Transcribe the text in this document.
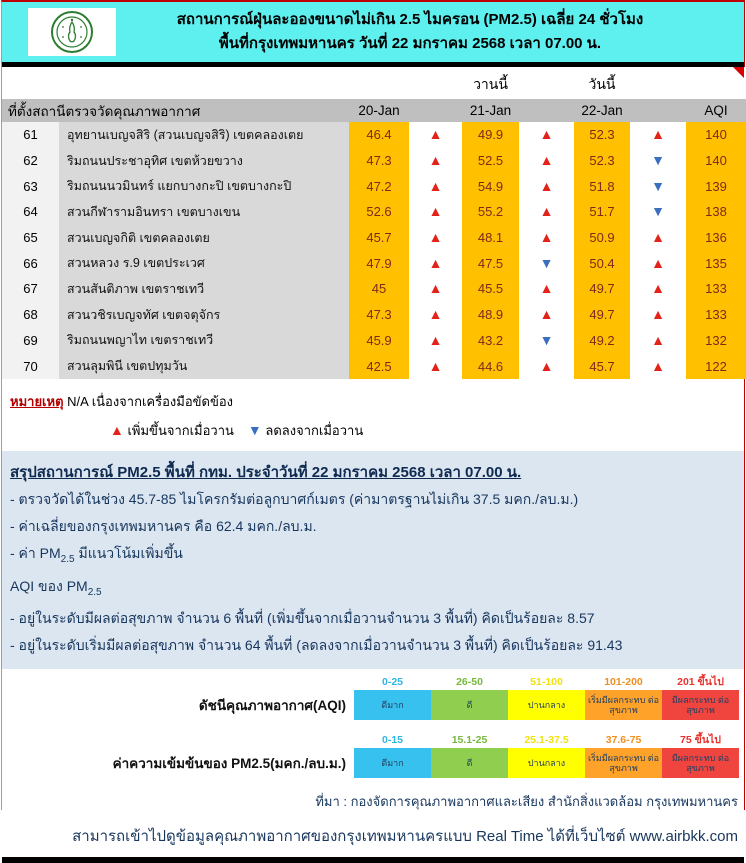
สถานการณ์ฝุ่นละอองขนาดไม่เกิน 2.5 ไมครอน (PM2.5) เฉลี่ย 24 ชั่วโมง
พื้นที่กรุงเทพมหานคร วันที่ 22 มกราคม 2568 เวลา 07.00 น.
				วานนี้		วันนี้		
ที่ตั้งสถานีตรวจวัดคุณภาพอากาศ		20-Jan		21-Jan		22-Jan		AQI
61	อุทยานเบญจสิริ (สวนเบญจสิริ) เขตคลองเตย	46.4	▲	49.9	▲	52.3	▲	140
62	ริมถนนประชาอุทิศ เขตห้วยขวาง	47.3	▲	52.5	▲	52.3	▼	140
63	ริมถนนนวมินทร์ แยกบางกะปิ เขตบางกะปิ	47.2	▲	54.9	▲	51.8	▼	139
64	สวนกีฬารามอินทรา เขตบางเขน	52.6	▲	55.2	▲	51.7	▼	138
65	สวนเบญจกิติ เขตคลองเตย	45.7	▲	48.1	▲	50.9	▲	136
66	สวนหลวง ร.9 เขตประเวศ	47.9	▲	47.5	▼	50.4	▲	135
67	สวนสันติภาพ เขตราชเทวี	45	▲	45.5	▲	49.7	▲	133
68	สวนวชิรเบญจทัศ เขตจตุจักร	47.3	▲	48.9	▲	49.7	▲	133
69	ริมถนนพญาไท เขตราชเทวี	45.9	▲	43.2	▼	49.2	▲	132
70	สวนลุมพินี เขตปทุมวัน	42.5	▲	44.6	▲	45.7	▲	122
หมายเหตุ N/A เนื่องจากเครื่องมือขัดข้อง
▲ เพิ่มขึ้นจากเมื่อวาน ▼ ลดลงจากเมื่อวาน
สรุปสถานการณ์ PM2.5 พื้นที่ กทม. ประจำวันที่ 22 มกราคม 2568 เวลา 07.00 น.
- ตรวจวัดได้ในช่วง 45.7-85 ไมโครกรัมต่อลูกบาศก์เมตร (ค่ามาตรฐานไม่เกิน 37.5 มคก./ลบ.ม.)
- ค่าเฉลี่ยของกรุงเทพมหานคร คือ 62.4 มคก./ลบ.ม.
- ค่า $PM_{2.5}$ มีแนวโน้มเพิ่มขึ้น
AQI ของ $PM_{2.5}$
- อยู่ในระดับมีผลต่อสุขภาพ จำนวน 6 พื้นที่ (เพิ่มขึ้นจากเมื่อวานจำนวน 3 พื้นที่) คิดเป็นร้อยละ 8.57
- อยู่ในระดับเริ่มมีผลต่อสุขภาพ จำนวน 64 พื้นที่ (ลดลงจากเมื่อวานจำนวน 3 พื้นที่) คิดเป็นร้อยละ 91.43
ดัชนีคุณภาพอากาศ(AQI)
0-25	26-50	51-100	101-200	201 ขึ้นไป
ดีมาก	ดี	ปานกลาง
เริ่มมีผลกระทบ ต่อสุขภาพ
มีผลกระทบ ต่อสุขภาพ
ค่าความเข้มข้นของ PM2.5(มคก./ลบ.ม.)
0-15	15.1-25	25.1-37.5	37.6-75	75 ขึ้นไป
ดีมาก	ดี	ปานกลาง
เริ่มมีผลกระทบ ต่อสุขภาพ
มีผลกระทบ ต่อสุขภาพ
ที่มา : กองจัดการคุณภาพอากาศและเสียง สำนักสิ่งแวดล้อม กรุงเทพมหานคร
สามารถเข้าไปดูข้อมูลคุณภาพอากาศของกรุงเทพมหานครแบบ Real Time ได้ที่เว็บไซต์ www.airbkk.com
